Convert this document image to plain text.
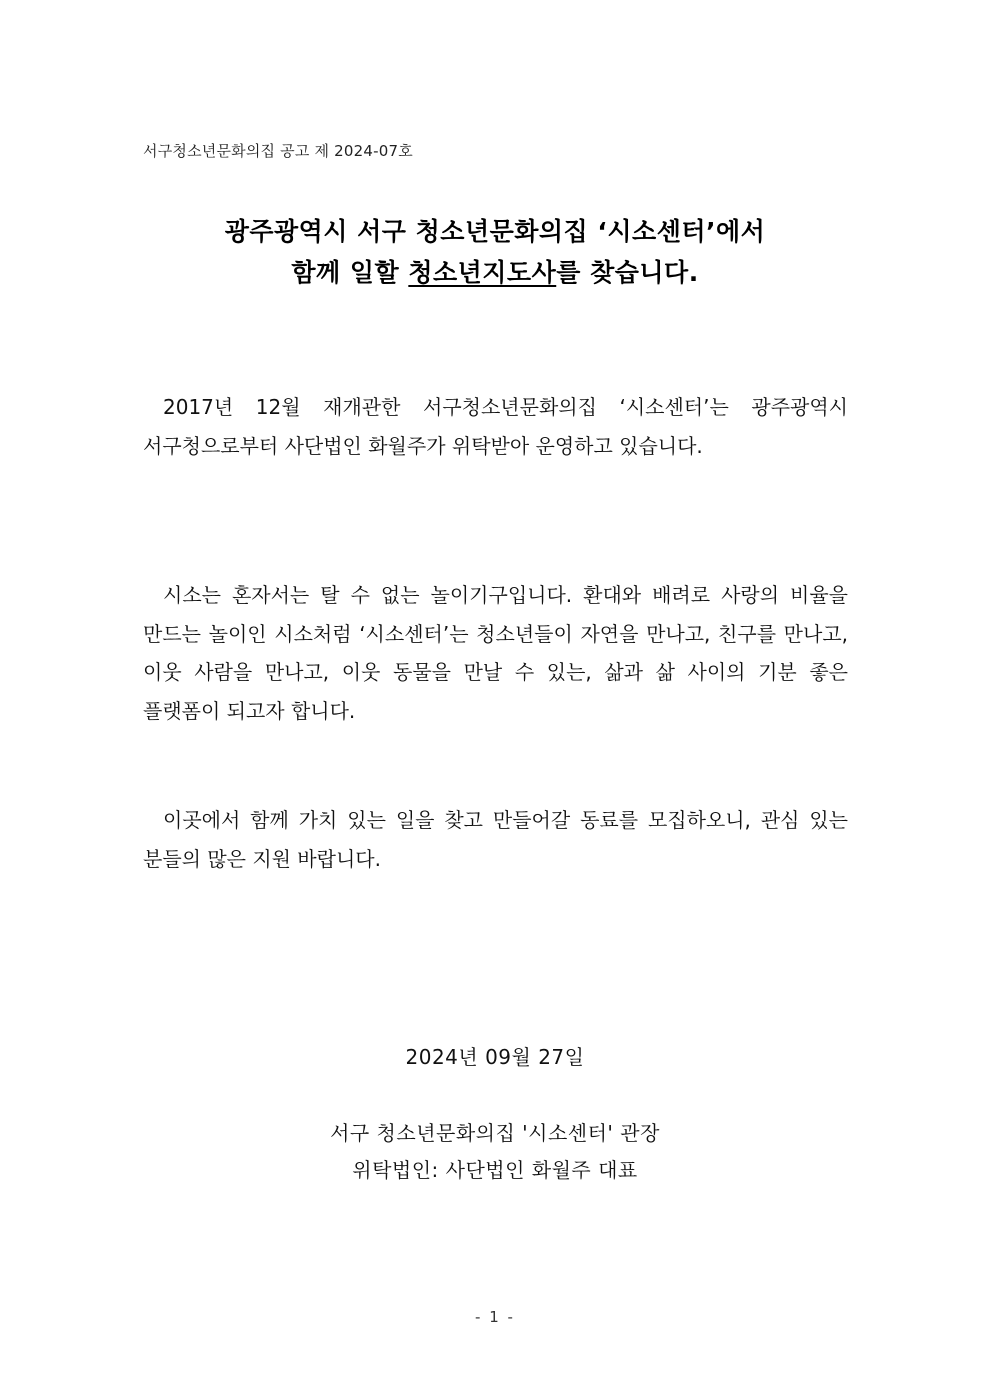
서구청소년문화의집 공고 제 2024-07호
광주광역시 서구 청소년문화의집 ‘시소센터’에서
함께 일할 청소년지도사를 찾습니다.

2017년 12월 재개관한 서구청소년문화의집 ‘시소센터’는 광주광역시 서구청으로부터 사단법인 화월주가 위탁받아 운영하고 있습니다.

시소는 혼자서는 탈 수 없는 놀이기구입니다. 환대와 배려로 사랑의 비율을 만드는 놀이인 시소처럼 ‘시소센터’는 청소년들이 자연을 만나고, 친구를 만나고, 이웃 사람을 만나고, 이웃 동물을 만날 수 있는, 삶과 삶 사이의 기분 좋은 플랫폼이 되고자 합니다.

이곳에서 함께 가치 있는 일을 찾고 만들어갈 동료를 모집하오니, 관심 있는 분들의 많은 지원 바랍니다.

2024년 09월 27일
서구 청소년문화의집 '시소센터' 관장
위탁법인: 사단법인 화월주 대표
- 1 -
